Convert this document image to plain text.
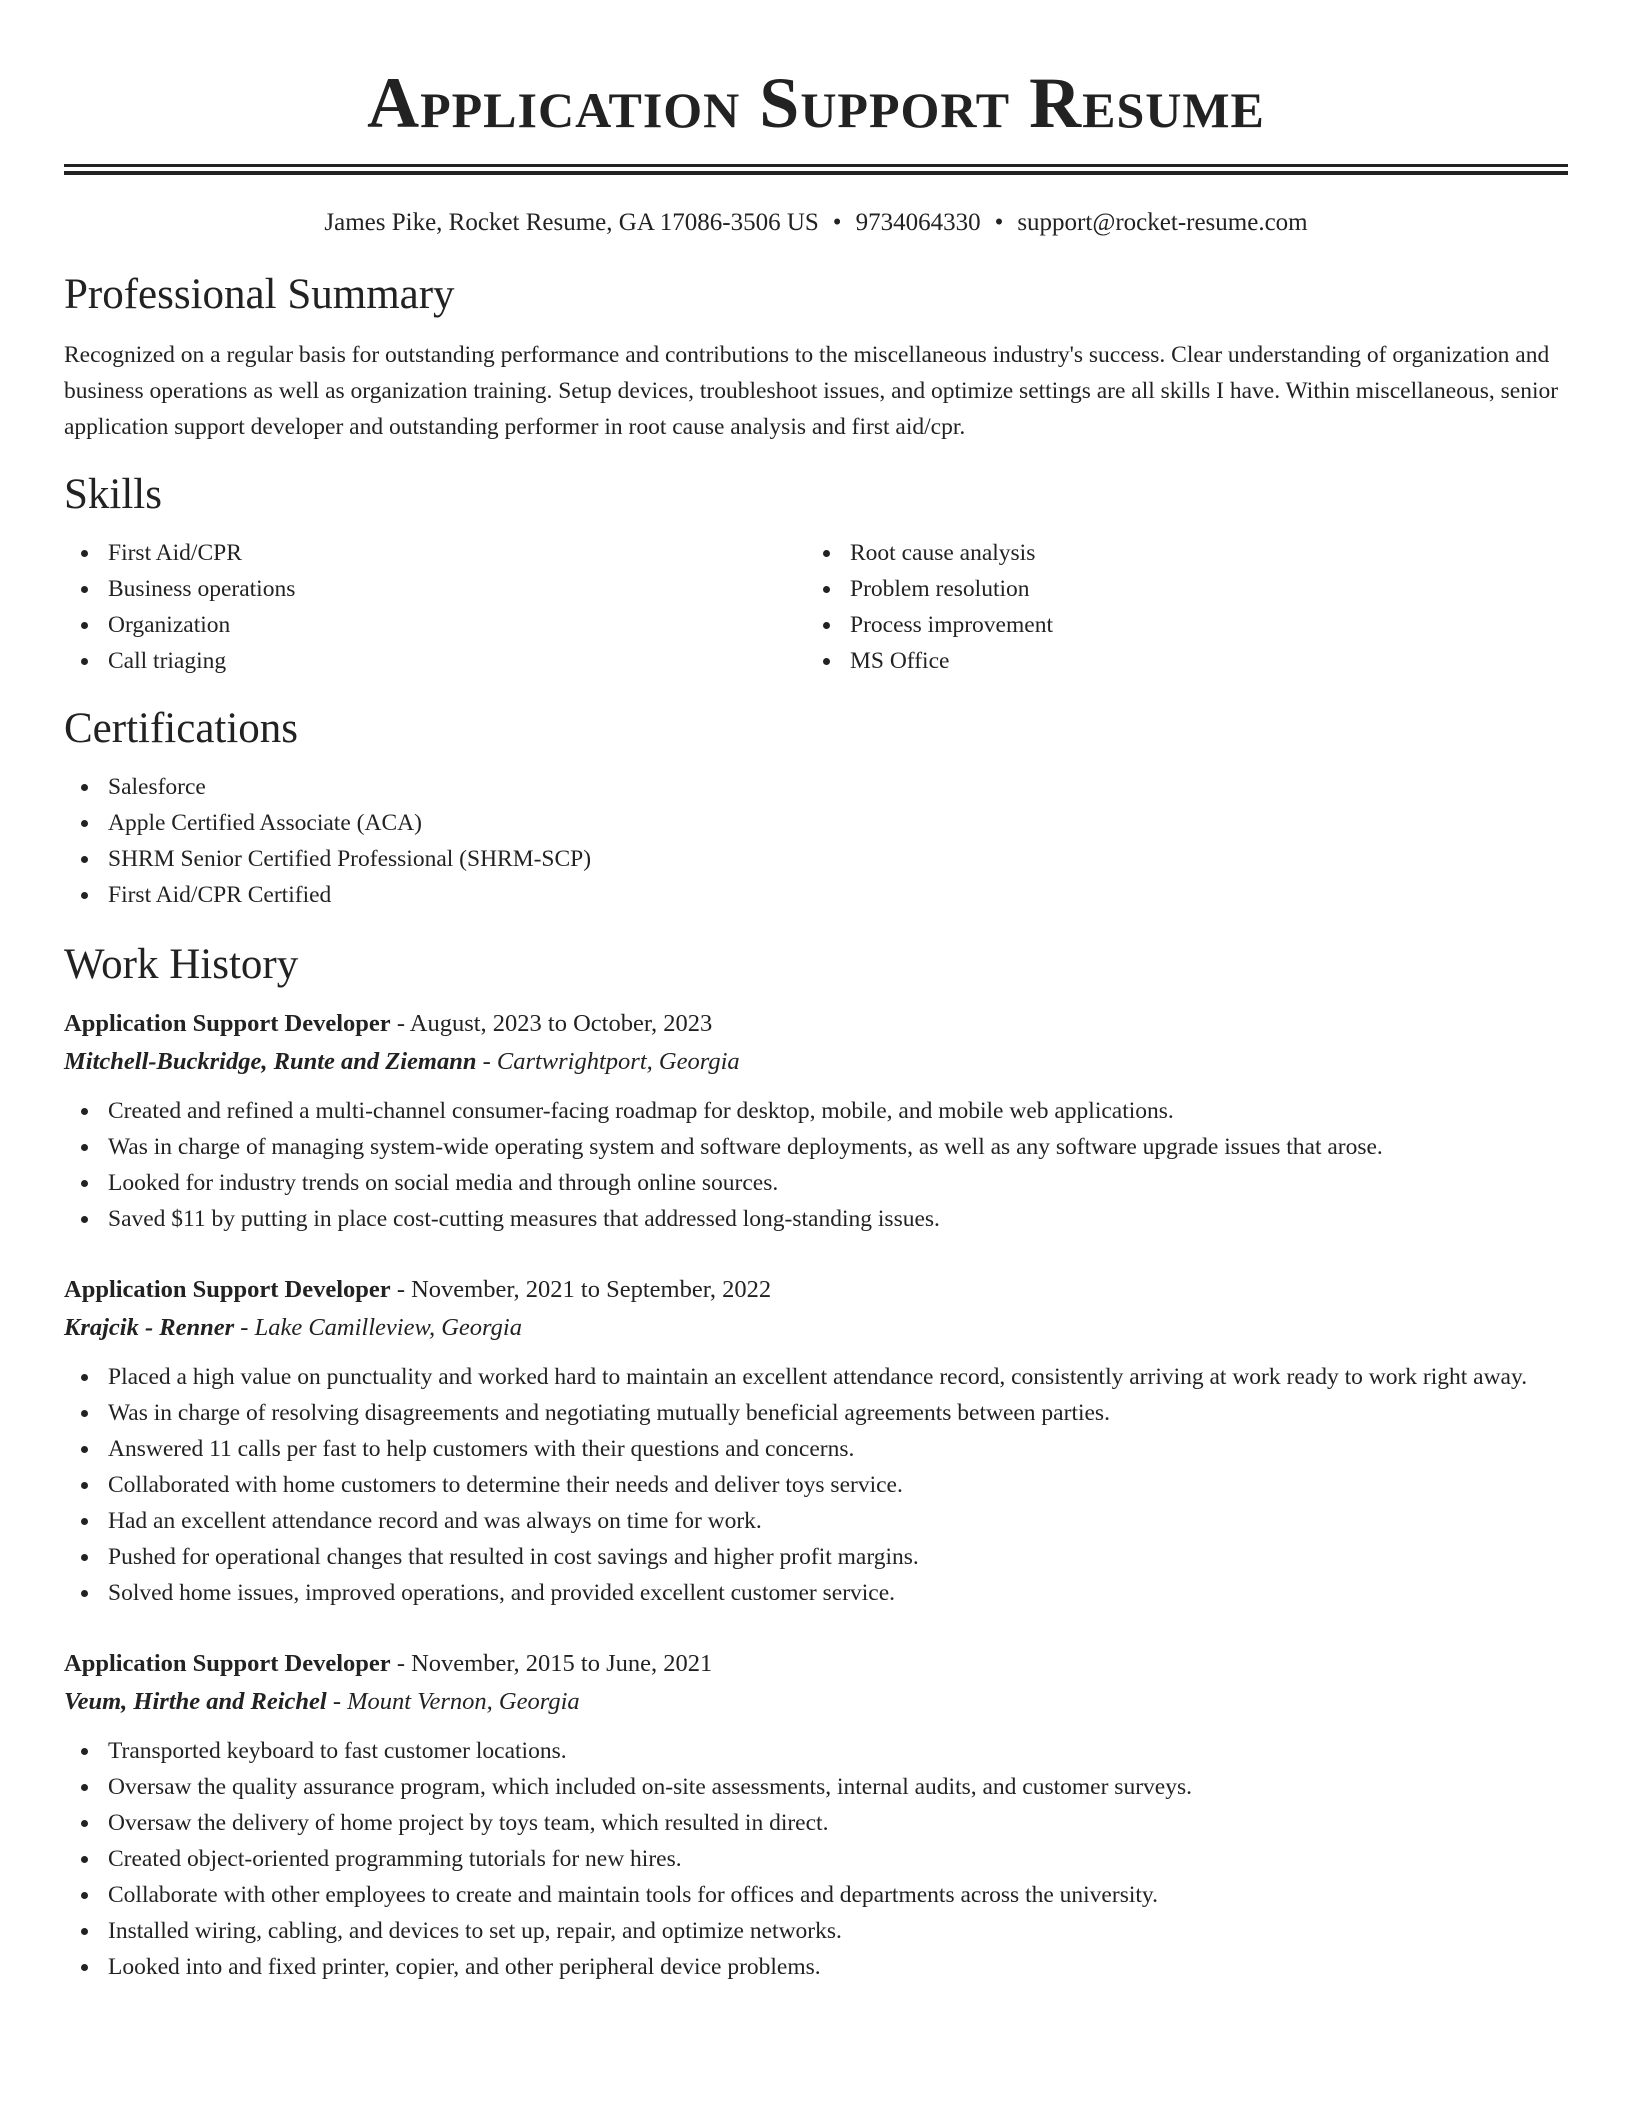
Application Support Resume
James Pike, Rocket Resume, GA 17086-3506 US • 9734064330 • support@rocket-resume.com
Professional Summary

Recognized on a regular basis for outstanding performance and contributions to the miscellaneous industry's success. Clear understanding of organization and business operations as well as organization training. Setup devices, troubleshoot issues, and optimize settings are all skills I have. Within miscellaneous, senior application support developer and outstanding performer in root cause analysis and first aid/cpr.

Skills
First Aid/CPR
Business operations
Organization
Call triaging
Root cause analysis
Problem resolution
Process improvement
MS Office
Certifications
Salesforce
Apple Certified Associate (ACA)
SHRM Senior Certified Professional (SHRM-SCP)
First Aid/CPR Certified
Work History
Application Support Developer - August, 2023 to October, 2023
Mitchell-Buckridge, Runte and Ziemann - Cartwrightport, Georgia
Created and refined a multi-channel consumer-facing roadmap for desktop, mobile, and mobile web applications.
Was in charge of managing system-wide operating system and software deployments, as well as any software upgrade issues that arose.
Looked for industry trends on social media and through online sources.
Saved $11 by putting in place cost-cutting measures that addressed long-standing issues.
Application Support Developer - November, 2021 to September, 2022
Krajcik - Renner - Lake Camilleview, Georgia
Placed a high value on punctuality and worked hard to maintain an excellent attendance record, consistently arriving at work ready to work right away.
Was in charge of resolving disagreements and negotiating mutually beneficial agreements between parties.
Answered 11 calls per fast to help customers with their questions and concerns.
Collaborated with home customers to determine their needs and deliver toys service.
Had an excellent attendance record and was always on time for work.
Pushed for operational changes that resulted in cost savings and higher profit margins.
Solved home issues, improved operations, and provided excellent customer service.
Application Support Developer - November, 2015 to June, 2021
Veum, Hirthe and Reichel - Mount Vernon, Georgia
Transported keyboard to fast customer locations.
Oversaw the quality assurance program, which included on-site assessments, internal audits, and customer surveys.
Oversaw the delivery of home project by toys team, which resulted in direct.
Created object-oriented programming tutorials for new hires.
Collaborate with other employees to create and maintain tools for offices and departments across the university.
Installed wiring, cabling, and devices to set up, repair, and optimize networks.
Looked into and fixed printer, copier, and other peripheral device problems.
